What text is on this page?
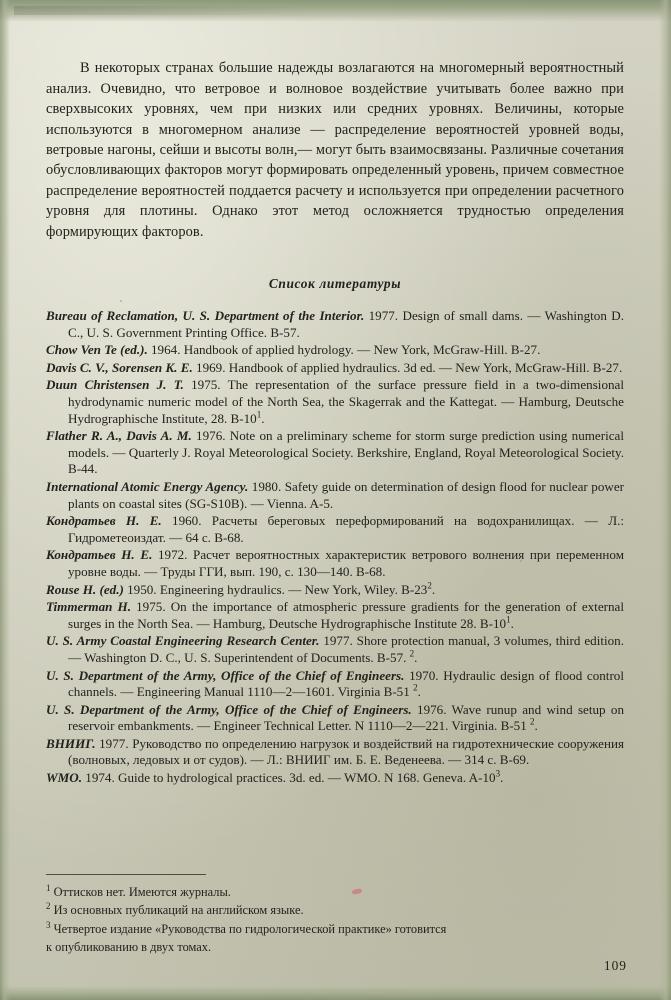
В некоторых странах большие надежды возлагаются на многомерный вероятностный анализ. Очевидно, что ветровое и волновое воздействие учитывать более важно при сверхвысоких уровнях, чем при низких или средних уровнях. Величины, которые используются в многомерном анализе — распределение вероятностей уровней воды, ветровые нагоны, сейши и высоты волн,— могут быть взаимосвязаны. Различные сочетания обусловливающих факторов могут формировать определенный уровень, причем совместное распределение вероятностей поддается расчету и используется при определении расчетного уровня для плотины. Однако этот метод осложняется трудностью определения формирующих факторов.

Список литературы
Bureau of Reclamation, U. S. Department of the Interior. 1977. Design of small dams. — Washington D. C., U. S. Government Printing Office. B-57.
Chow Ven Te (ed.). 1964. Handbook of applied hydrology. — New York, McGraw-Hill. B-27.
Davis C. V., Sorensen K. E. 1969. Handbook of applied hydraulics. 3d ed. — New York, McGraw-Hill. B-27.
Duun Christensen J. T. 1975. The representation of the surface pressure field in a two-dimensional hydrodynamic numeric model of the North Sea, the Skagerrak and the Kattegat. — Hamburg, Deutsche Hydrographische Institute, 28. $B-10^1$.
Flather R. A., Davis A. M. 1976. Note on a preliminary scheme for storm surge prediction using numerical models. — Quarterly J. Royal Meteorological Society. Berkshire, England, Royal Meteorological Society. B-44.
International Atomic Energy Agency. 1980. Safety guide on determination of design flood for nuclear power plants on coastal sites (SG-S10B). — Vienna. A-5.
Кондратьев Н. Е. 1960. Расчеты береговых переформирований на водохранилищах. — Л.: Гидрометеоиздат. — 64 с. B-68.
Кондратьев Н. Е. 1972. Расчет вероятностных характеристик ветрового волнения при переменном уровне воды. — Труды ГГИ, вып. 190, с. 130—140. B-68.
Rouse H. (ed.) 1950. Engineering hydraulics. — New York, Wiley. $B-23^2$.
Timmerman H. 1975. On the importance of atmospheric pressure gradients for the generation of external surges in the North Sea. — Hamburg, Deutsche Hydrographische Institute 28. $B-10^1$.
U. S. Army Coastal Engineering Research Center. 1977. Shore protection manual, 3 volumes, third edition. — Washington D. C., U. S. Superintendent of Documents. B-57. $^2$.
U. S. Department of the Army, Office of the Chief of Engineers. 1970. Hydraulic design of flood control channels. — Engineering Manual 1110—2—1601. Virginia B-51 $^2$.
U. S. Department of the Army, Office of the Chief of Engineers. 1976. Wave runup and wind setup on reservoir embankments. — Engineer Technical Letter. N 1110—2—221. Virginia. B-51 $^2$.
ВНИИГ. 1977. Руководство по определению нагрузок и воздействий на гидротехнические сооружения (волновых, ледовых и от судов). — Л.: ВНИИГ им. Б. Е. Веденеева. — 314 с. B-69.
WMO. 1974. Guide to hydrological practices. 3d. ed. — WMO. N 168. Geneva. $A-10^3$.
$^1$ Оттисков нет. Имеются журналы.
$^2$ Из основных публикаций на английском языке.
$^3$ Четвертое издание «Руководства по гидрологической практике» готовится
к опубликованию в двух томах.
109
